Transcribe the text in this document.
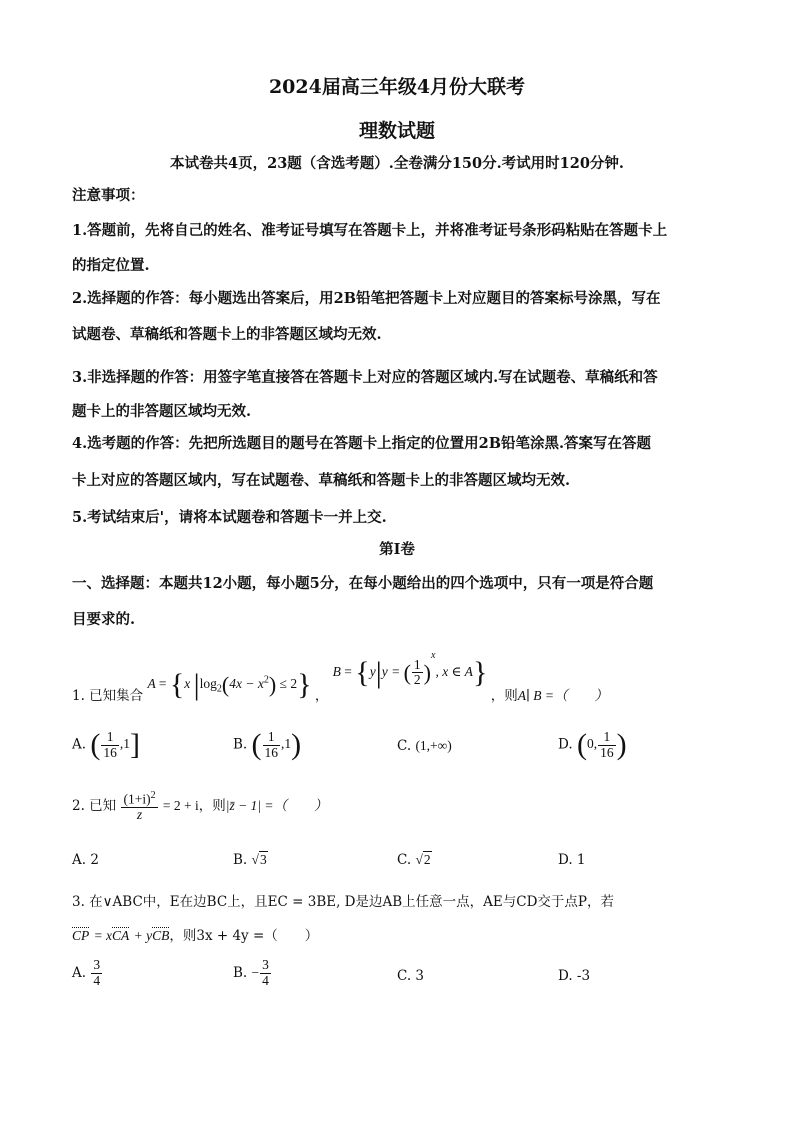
2024届高三年级4月份大联考
理数试题
本试卷共4页，23题（含选考题）.全卷满分150分.考试用时120分钟.
注意事项：
1.答题前，先将自己的姓名、准考证号填写在答题卡上，并将准考证号条形码粘贴在答题卡上
的指定位置.
2.选择题的作答：每小题选出答案后，用2B铅笔把答题卡上对应题目的答案标号涂黑，写在
试题卷、草稿纸和答题卡上的非答题区域均无效.
3.非选择题的作答：用签字笔直接答在答题卡上对应的答题区域内.写在试题卷、草稿纸和答
题卡上的非答题区域均无效.
4.选考题的作答：先把所选题目的题号在答题卡上指定的位置用2B铅笔涂黑.答案写在答题
卡上对应的答题区域内，写在试题卷、草稿纸和答题卡上的非答题区域均无效.
5.考试结束后'，请将本试题卷和答题卡一并上交.
第I卷
一、选择题：本题共12小题，每小题5分，在每小题给出的四个选项中，只有一项是符合题
目要求的.
1. 已知集合 A = {x $|\log_2(4x - x^2) \le 2$} ， B = {y|y = ( $\frac{1}{2} )^x$, x ∈ A} ，则A∣ B =（　　）
A. ( $\frac{1}{16} ,1$]	B. ( $\frac{1}{16} ,1$)	C. (1,+∞)	D. (0, $\frac{1}{16}$ )
2. 已知 $\frac{(1+i)^2}{z} = 2 + i$，则|z̄ − 1| =（　　）
A. 2	B. √3	C. √2	D. 1
3. 在∨ABC中，E在边BC上，且EC = 3BE, D是边AB上任意一点，AE与CD交于点P，若
CP = xCA + yCB，则3x + 4y =（　　）
A. $\frac{3}{4}$	B. − $\frac{3}{4}$	C. 3	D. -3
